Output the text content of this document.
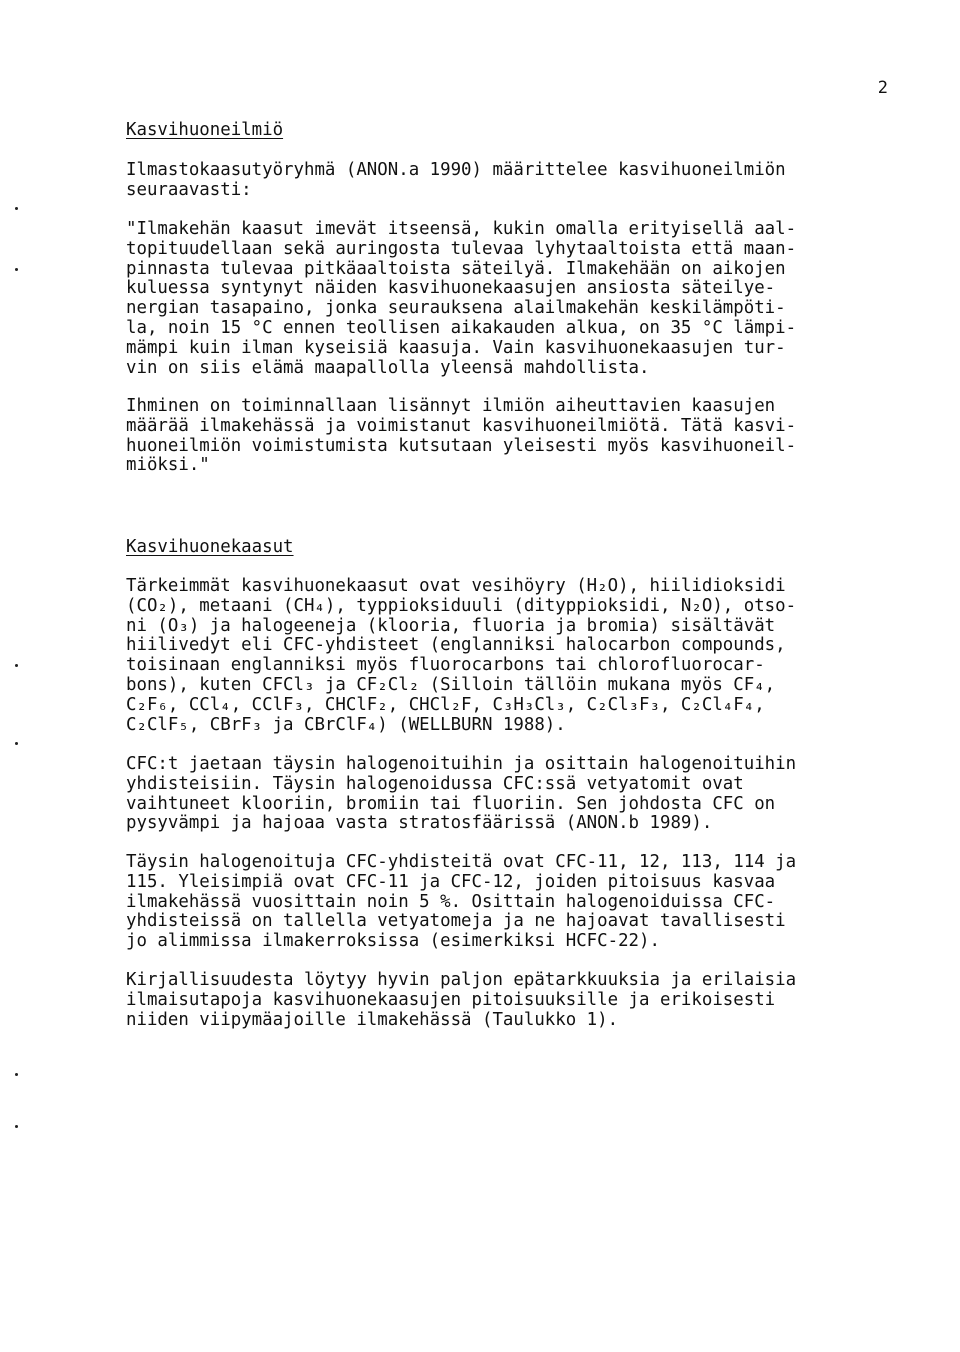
2

Kasvihuoneilmiö

Ilmastokaasutyöryhmä (ANON.a 1990) määrittelee kasvihuoneilmiön
seuraavasti:

"Ilmakehän kaasut imevät itseensä, kukin omalla erityisellä aal-
topituudellaan sekä auringosta tulevaa lyhytaaltoista että maan-
pinnasta tulevaa pitkäaaltoista säteilyä. Ilmakehään on aikojen
kuluessa syntynyt näiden kasvihuonekaasujen ansiosta säteilye-
nergian tasapaino, jonka seurauksena alailmakehän keskilämpöti-
la, noin 15 °C ennen teollisen aikakauden alkua, on 35 °C lämpi-
mämpi kuin ilman kyseisiä kaasuja. Vain kasvihuonekaasujen tur-
vin on siis elämä maapallolla yleensä mahdollista.

Ihminen on toiminnallaan lisännyt ilmiön aiheuttavien kaasujen
määrää ilmakehässä ja voimistanut kasvihuoneilmiötä. Tätä kasvi-
huoneilmiön voimistumista kutsutaan yleisesti myös kasvihuoneil-
miöksi."

Kasvihuonekaasut

Tärkeimmät kasvihuonekaasut ovat vesihöyry (H₂O), hiilidioksidi
(CO₂), metaani (CH₄), typpioksiduuli (dityppioksidi, N₂O), otso-
ni (O₃) ja halogeeneja (klooria, fluoria ja bromia) sisältävät
hiilivedyt eli CFC-yhdisteet (englanniksi halocarbon compounds,
toisinaan englanniksi myös fluorocarbons tai chlorofluorocar-
bons), kuten CFCl₃ ja CF₂Cl₂ (Silloin tällöin mukana myös CF₄,
C₂F₆, CCl₄, CClF₃, CHClF₂, CHCl₂F, C₃H₃Cl₃, C₂Cl₃F₃, C₂Cl₄F₄,
C₂ClF₅, CBrF₃ ja CBrClF₄) (WELLBURN 1988).

CFC:t jaetaan täysin halogenoituihin ja osittain halogenoituihin
yhdisteisiin. Täysin halogenoidussa CFC:ssä vetyatomit ovat
vaihtuneet klooriin, bromiin tai fluoriin. Sen johdosta CFC on
pysyvämpi ja hajoaa vasta stratosfäärissä (ANON.b 1989).

Täysin halogenoituja CFC-yhdisteitä ovat CFC-11, 12, 113, 114 ja
115. Yleisimpiä ovat CFC-11 ja CFC-12, joiden pitoisuus kasvaa
ilmakehässä vuosittain noin 5 %. Osittain halogenoiduissa CFC-
yhdisteissä on tallella vetyatomeja ja ne hajoavat tavallisesti
jo alimmissa ilmakerroksissa (esimerkiksi HCFC-22).

Kirjallisuudesta löytyy hyvin paljon epätarkkuuksia ja erilaisia
ilmaisutapoja kasvihuonekaasujen pitoisuuksille ja erikoisesti
niiden viipymäajoille ilmakehässä (Taulukko 1).
